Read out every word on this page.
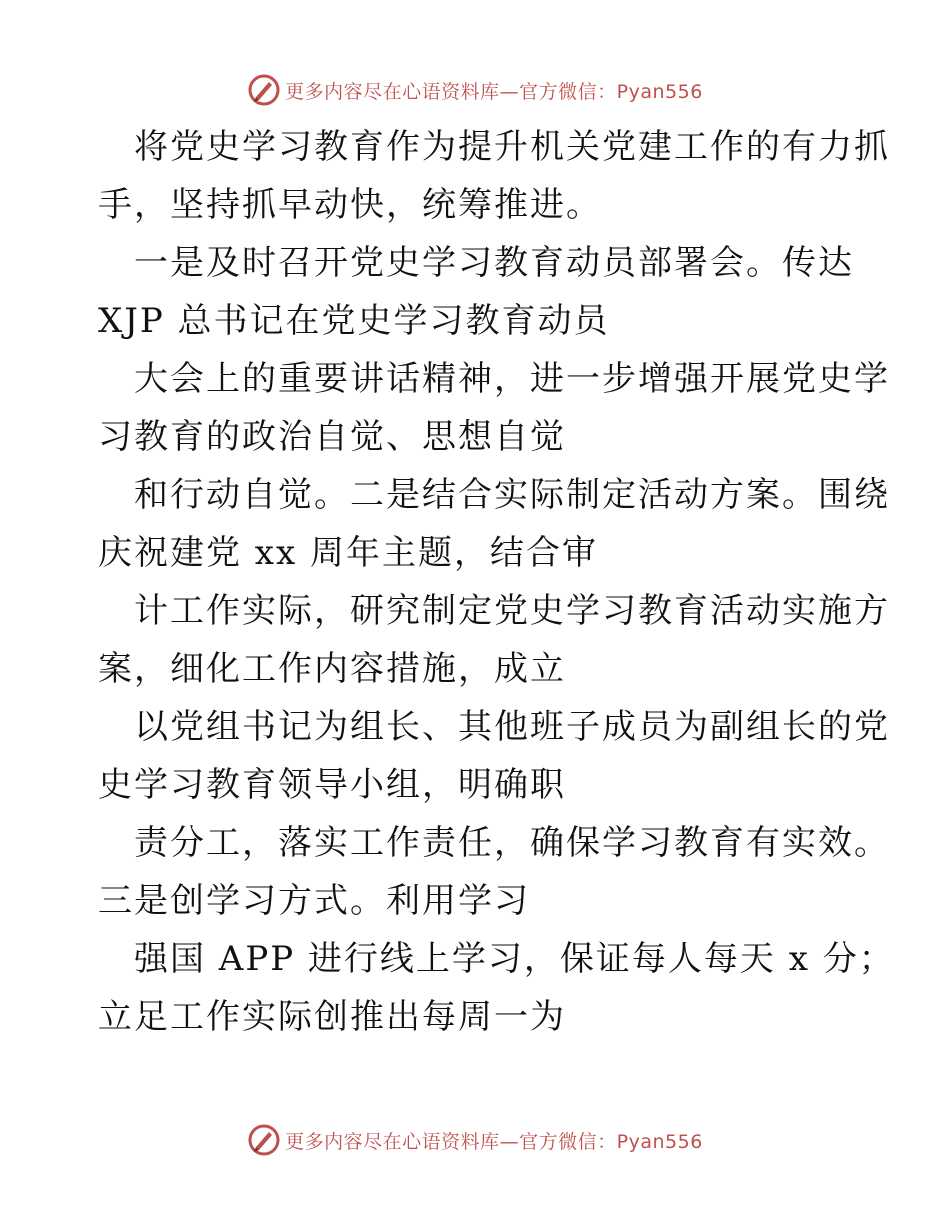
更多内容尽在心语资料库—官方微信：Pyan556
将党史学习教育作为提升机关党建工作的有力抓
手，坚持抓早动快，统筹推进。
一是及时召开党史学习教育动员部署会。传达
XJP 总书记在党史学习教育动员
大会上的重要讲话精神，进一步增强开展党史学
习教育的政治自觉、思想自觉
和行动自觉。二是结合实际制定活动方案。围绕
庆祝建党 xx 周年主题，结合审
计工作实际，研究制定党史学习教育活动实施方
案，细化工作内容措施，成立
以党组书记为组长、其他班子成员为副组长的党
史学习教育领导小组，明确职
责分工，落实工作责任，确保学习教育有实效。
三是创学习方式。利用学习
强国 APP 进行线上学习，保证每人每天 x 分；
立足工作实际创推出每周一为
更多内容尽在心语资料库—官方微信：Pyan556
